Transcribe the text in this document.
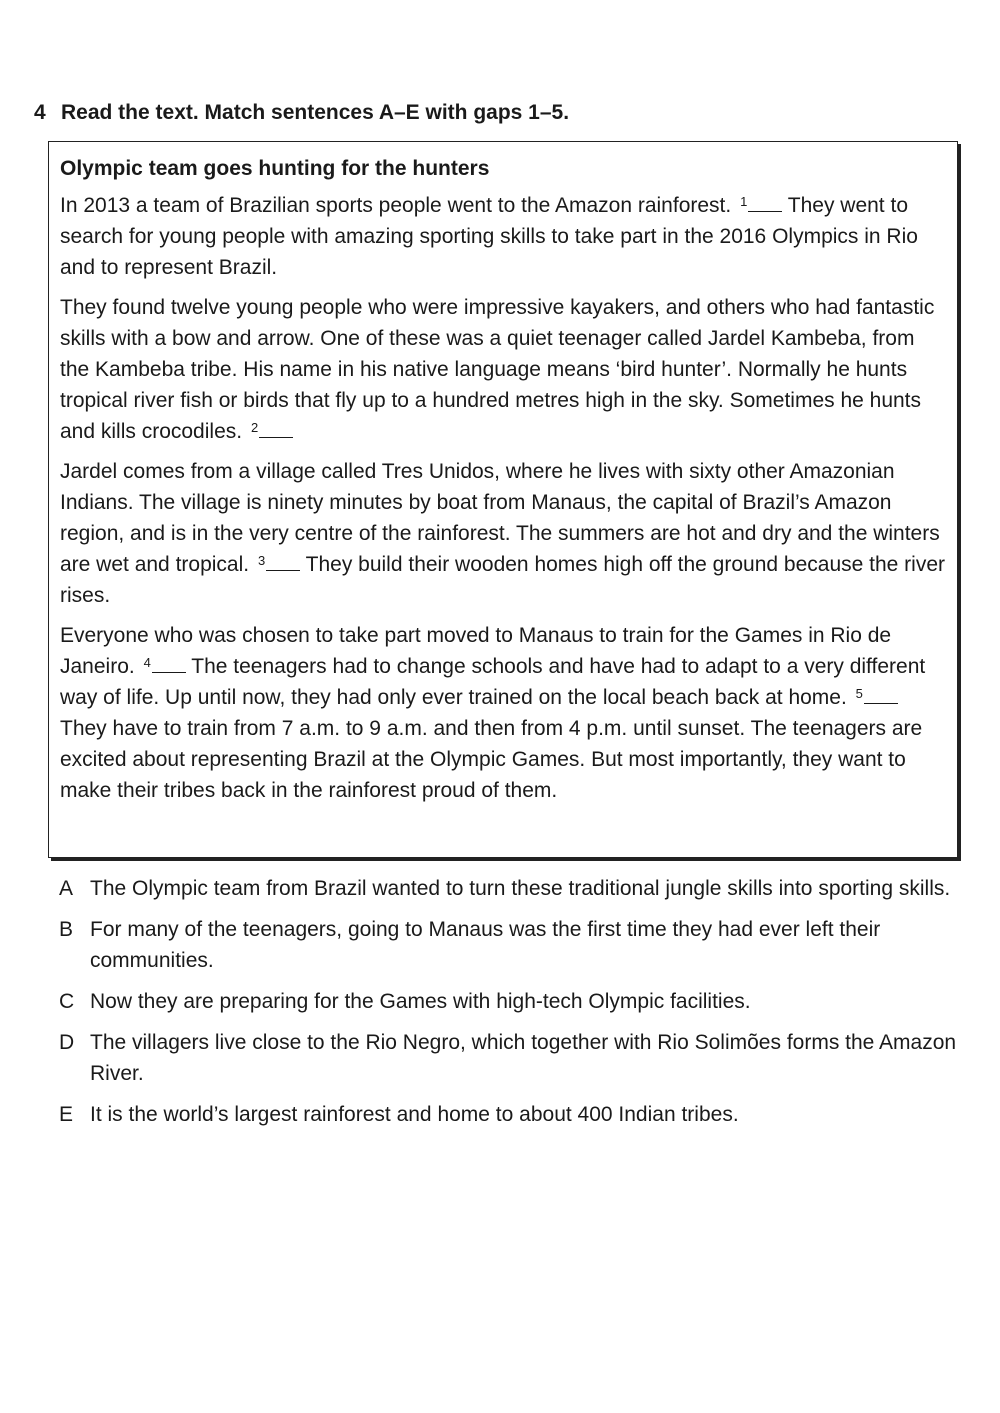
4 Read the text. Match sentences A–E with gaps 1–5.
Olympic team goes hunting for the hunters

In 2013 a team of Brazilian sports people went to the Amazon rainforest. $^1$ They went to search for young people with amazing sporting skills to take part in the 2016 Olympics in Rio and to represent Brazil.

They found twelve young people who were impressive kayakers, and others who had fantastic skills with a bow and arrow. One of these was a quiet teenager called Jardel Kambeba, from the Kambeba tribe. His name in his native language means ‘bird hunter’. Normally he hunts tropical river fish or birds that fly up to a hundred metres high in the sky. Sometimes he hunts and kills crocodiles. $^2$

Jardel comes from a village called Tres Unidos, where he lives with sixty other Amazonian Indians. The village is ninety minutes by boat from Manaus, the capital of Brazil’s Amazon region, and is in the very centre of the rainforest. The summers are hot and dry and the winters are wet and tropical. $^3$ They build their wooden homes high off the ground because the river rises.

Everyone who was chosen to take part moved to Manaus to train for the Games in Rio de Janeiro. $^4$ The teenagers had to change schools and have had to adapt to a very different way of life. Up until now, they had only ever trained on the local beach back at home. $^5$ They have to train from 7 a.m. to 9 a.m. and then from 4 p.m. until sunset. The teenagers are excited about representing Brazil at the Olympic Games. But most importantly, they want to make their tribes back in the rainforest proud of them.

A The Olympic team from Brazil wanted to turn these traditional jungle skills into sporting skills.
B For many of the teenagers, going to Manaus was the first time they had ever left their communities.
C Now they are preparing for the Games with high-tech Olympic facilities.
D The villagers live close to the Rio Negro, which together with Rio Solimões forms the Amazon River.
E It is the world’s largest rainforest and home to about 400 Indian tribes.
